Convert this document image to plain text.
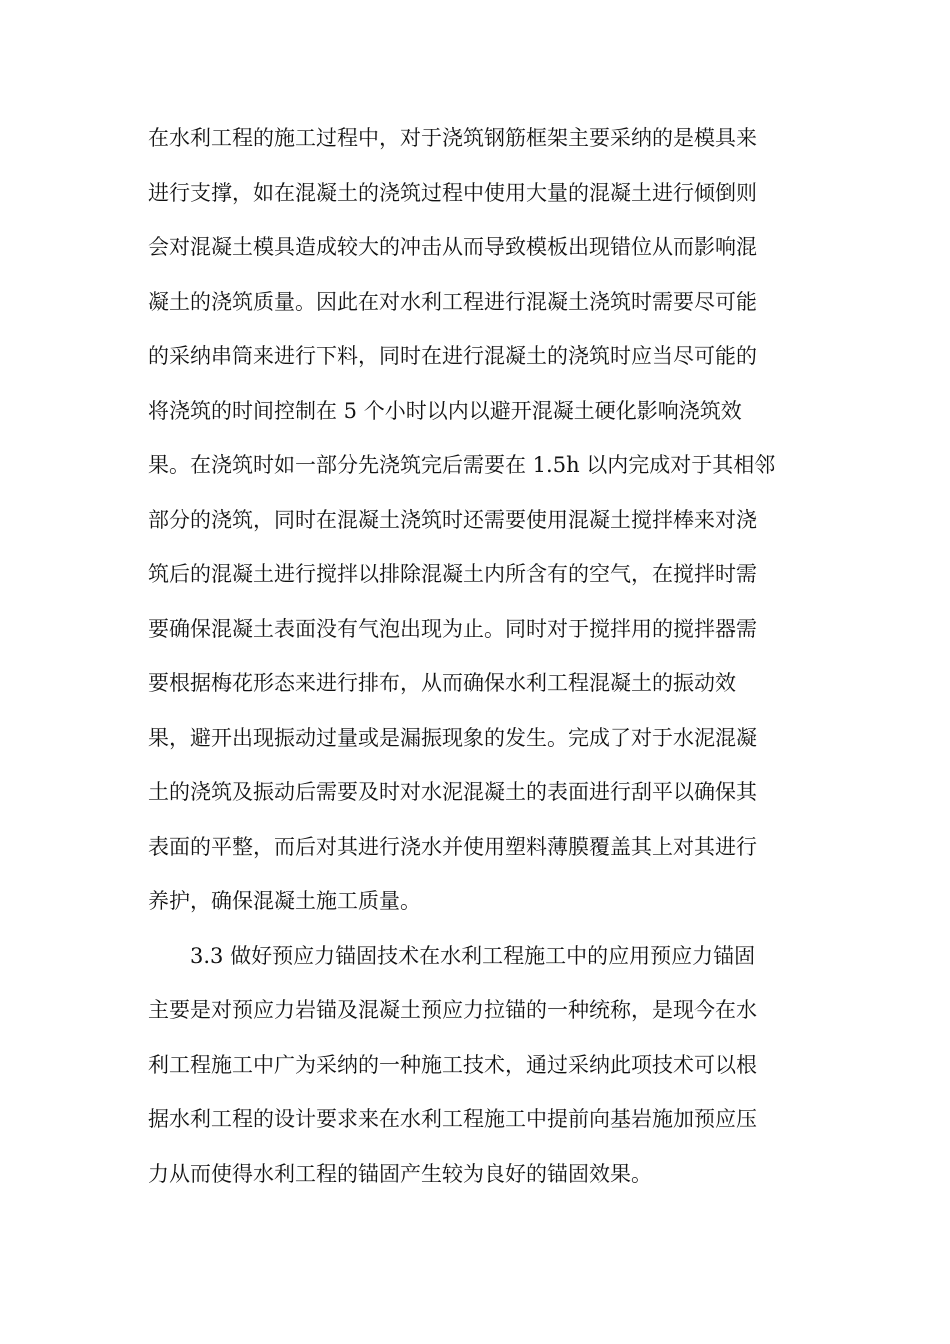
在水利工程的施工过程中，对于浇筑钢筋框架主要采纳的是模具来
进行支撑，如在混凝土的浇筑过程中使用大量的混凝土进行倾倒则
会对混凝土模具造成较大的冲击从而导致模板出现错位从而影响混
凝土的浇筑质量。因此在对水利工程进行混凝土浇筑时需要尽可能
的采纳串筒来进行下料，同时在进行混凝土的浇筑时应当尽可能的
将浇筑的时间控制在 5 个小时以内以避开混凝土硬化影响浇筑效
果。在浇筑时如一部分先浇筑完后需要在 1.5h 以内完成对于其相邻
部分的浇筑，同时在混凝土浇筑时还需要使用混凝土搅拌棒来对浇
筑后的混凝土进行搅拌以排除混凝土内所含有的空气，在搅拌时需
要确保混凝土表面没有气泡出现为止。同时对于搅拌用的搅拌器需
要根据梅花形态来进行排布，从而确保水利工程混凝土的振动效
果，避开出现振动过量或是漏振现象的发生。完成了对于水泥混凝
土的浇筑及振动后需要及时对水泥混凝土的表面进行刮平以确保其
表面的平整，而后对其进行浇水并使用塑料薄膜覆盖其上对其进行
养护，确保混凝土施工质量。
3.3 做好预应力锚固技术在水利工程施工中的应用预应力锚固
主要是对预应力岩锚及混凝土预应力拉锚的一种统称，是现今在水
利工程施工中广为采纳的一种施工技术，通过采纳此项技术可以根
据水利工程的设计要求来在水利工程施工中提前向基岩施加预应压
力从而使得水利工程的锚固产生较为良好的锚固效果。
